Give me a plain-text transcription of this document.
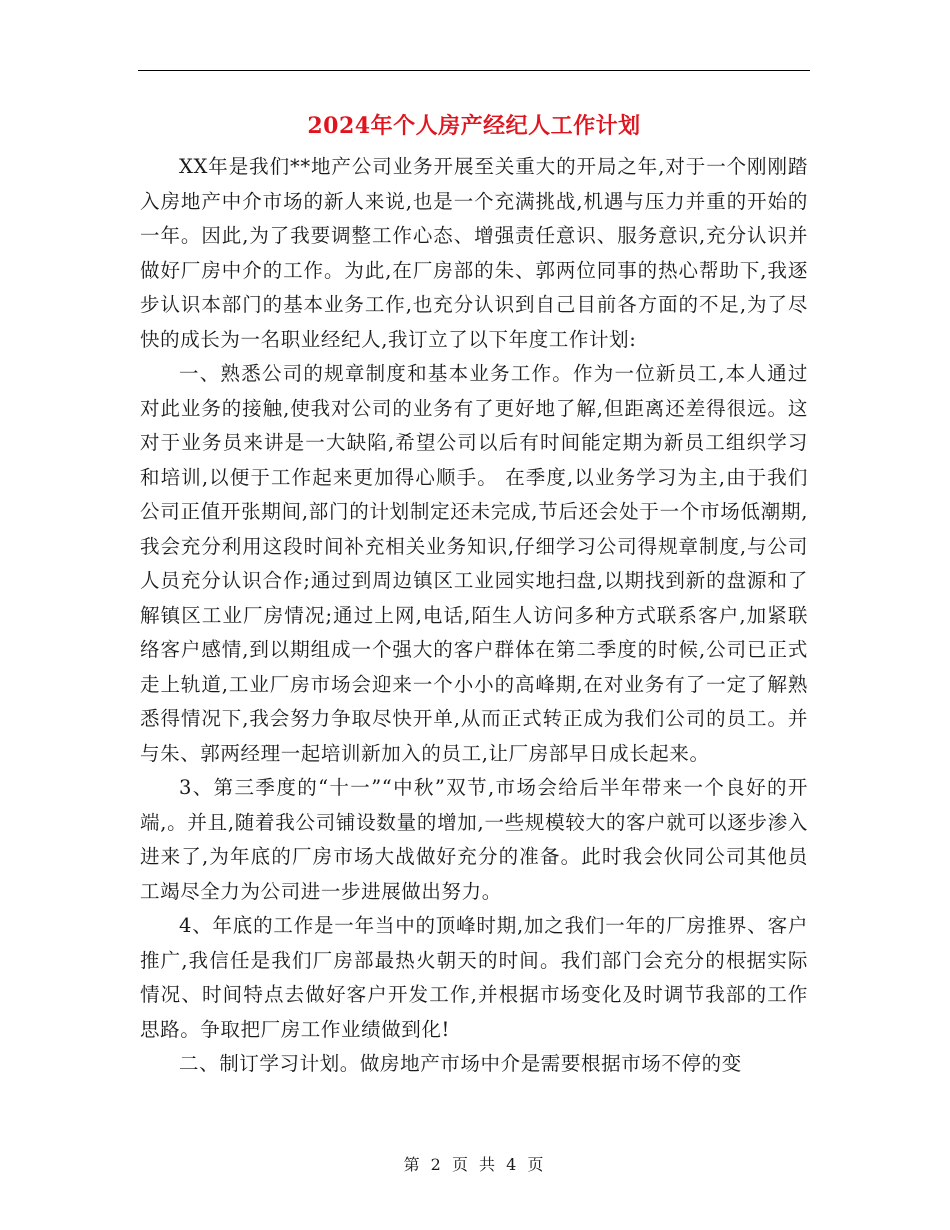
2024年个人房产经纪人工作计划

XX年是我们**地产公司业务开展至关重大的开局之年,对于一个刚刚踏入房地产中介市场的新人来说,也是一个充满挑战,机遇与压力并重的开始的一年。因此,为了我要调整工作心态、增强责任意识、服务意识,充分认识并做好厂房中介的工作。为此,在厂房部的朱、郭两位同事的热心帮助下,我逐步认识本部门的基本业务工作,也充分认识到自己目前各方面的不足,为了尽快的成长为一名职业经纪人,我订立了以下年度工作计划:

一、熟悉公司的规章制度和基本业务工作。作为一位新员工,本人通过对此业务的接触,使我对公司的业务有了更好地了解,但距离还差得很远。这对于业务员来讲是一大缺陷,希望公司以后有时间能定期为新员工组织学习和培训,以便于工作起来更加得心顺手。 在季度,以业务学习为主,由于我们公司正值开张期间,部门的计划制定还未完成,节后还会处于一个市场低潮期,我会充分利用这段时间补充相关业务知识,仔细学习公司得规章制度,与公司人员充分认识合作;通过到周边镇区工业园实地扫盘,以期找到新的盘源和了解镇区工业厂房情况;通过上网,电话,陌生人访问多种方式联系客户,加紧联络客户感情,到以期组成一个强大的客户群体在第二季度的时候,公司已正式走上轨道,工业厂房市场会迎来一个小小的高峰期,在对业务有了一定了解熟悉得情况下,我会努力争取尽快开单,从而正式转正成为我们公司的员工。并与朱、郭两经理一起培训新加入的员工,让厂房部早日成长起来。

3、第三季度的“十一”“中秋”双节,市场会给后半年带来一个良好的开端,。并且,随着我公司铺设数量的增加,一些规模较大的客户就可以逐步渗入进来了,为年底的厂房市场大战做好充分的准备。此时我会伙同公司其他员工竭尽全力为公司进一步进展做出努力。

4、年底的工作是一年当中的顶峰时期,加之我们一年的厂房推界、客户推广,我信任是我们厂房部最热火朝天的时间。我们部门会充分的根据实际情况、时间特点去做好客户开发工作,并根据市场变化及时调节我部的工作思路。争取把厂房工作业绩做到化!

二、制订学习计划。做房地产市场中介是需要根据市场不停的变

第 2 页 共 4 页
